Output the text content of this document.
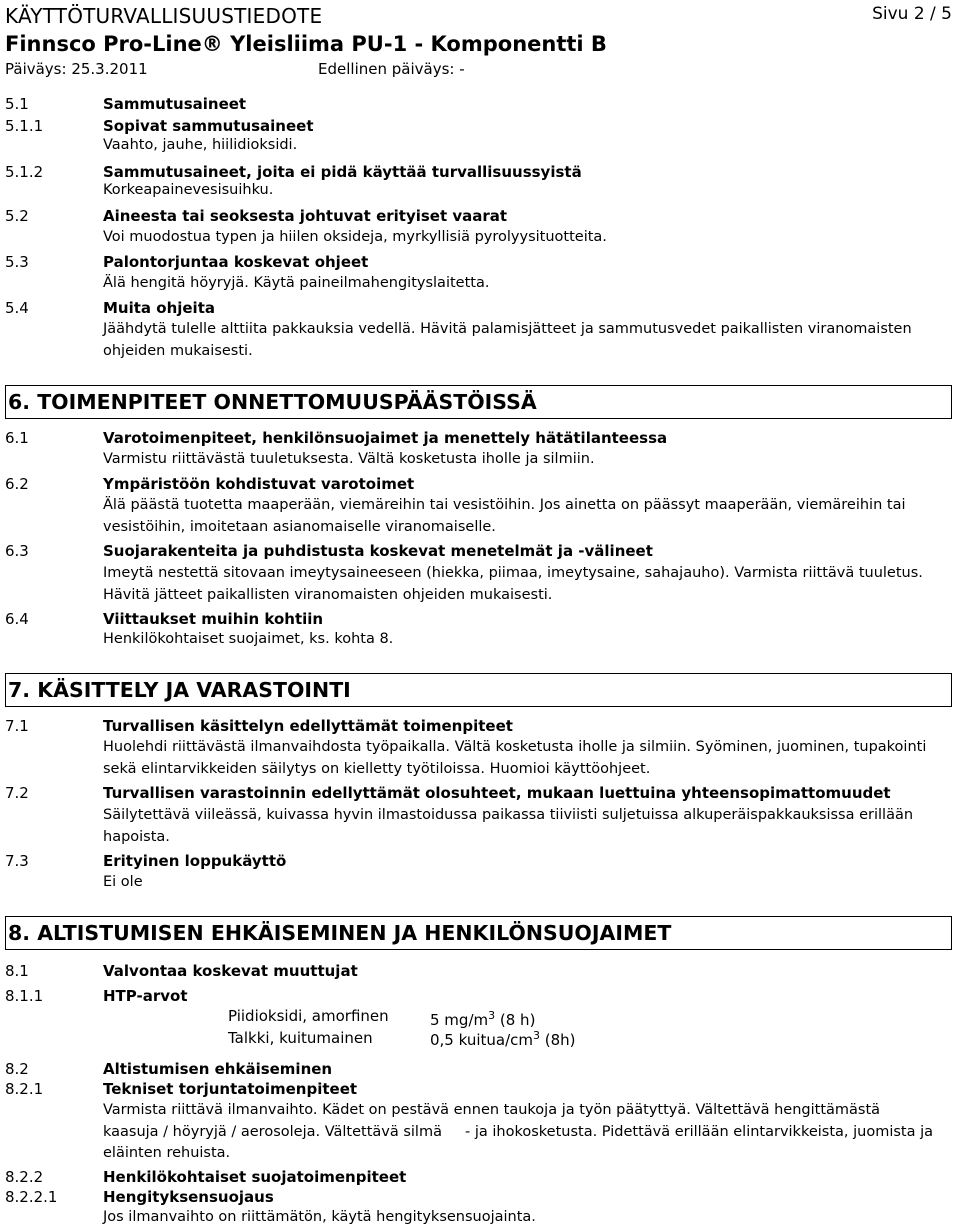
KÄYTTÖTURVALLISUUSTIEDOTE	Sivu 2 / 5
Finnsco Pro-Line® Yleisliima PU-1 - Komponentti B
Päiväys: 25.3.2011	Edellinen päiväys: -
5.1	Sammutusaineet
5.1.1	Sopivat sammutusaineet
Vaahto, jauhe, hiilidioksidi.
5.1.2	Sammutusaineet, joita ei pidä käyttää turvallisuussyistä
Korkeapainevesisuihku.
5.2	Aineesta tai seoksesta johtuvat erityiset vaarat
Voi muodostua typen ja hiilen oksideja, myrkyllisiä pyrolyysituotteita.
5.3	Palontorjuntaa koskevat ohjeet
Älä hengitä höyryjä. Käytä paineilmahengityslaitetta.
5.4	Muita ohjeita
Jäähdytä tulelle alttiita pakkauksia vedellä. Hävitä palamisjätteet ja sammutusvedet paikallisten viranomaisten
ohjeiden mukaisesti.
6. TOIMENPITEET ONNETTOMUUSPÄÄSTÖISSÄ
6.1	Varotoimenpiteet, henkilönsuojaimet ja menettely hätätilanteessa
Varmistu riittävästä tuuletuksesta. Vältä kosketusta iholle ja silmiin.
6.2	Ympäristöön kohdistuvat varotoimet
Älä päästä tuotetta maaperään, viemäreihin tai vesistöihin. Jos ainetta on päässyt maaperään, viemäreihin tai
vesistöihin, imoitetaan asianomaiselle viranomaiselle.
6.3	Suojarakenteita ja puhdistusta koskevat menetelmät ja -välineet
Imeytä nestettä sitovaan imeytysaineeseen (hiekka, piimaa, imeytysaine, sahajauho). Varmista riittävä tuuletus.
Hävitä jätteet paikallisten viranomaisten ohjeiden mukaisesti.
6.4	Viittaukset muihin kohtiin
Henkilökohtaiset suojaimet, ks. kohta 8.
7. KÄSITTELY JA VARASTOINTI
7.1	Turvallisen käsittelyn edellyttämät toimenpiteet
Huolehdi riittävästä ilmanvaihdosta työpaikalla. Vältä kosketusta iholle ja silmiin. Syöminen, juominen, tupakointi
sekä elintarvikkeiden säilytys on kielletty työtiloissa. Huomioi käyttöohjeet.
7.2	Turvallisen varastoinnin edellyttämät olosuhteet, mukaan luettuina yhteensopimattomuudet
Säilytettävä viileässä, kuivassa hyvin ilmastoidussa paikassa tiiviisti suljetuissa alkuperäispakkauksissa erillään
hapoista.
7.3	Erityinen loppukäyttö
Ei ole
8. ALTISTUMISEN EHKÄISEMINEN JA HENKILÖNSUOJAIMET
8.1	Valvontaa koskevat muuttujat
8.1.1	HTP-arvot
Piidioksidi, amorfinen	5 $mg/m^3$ (8 h)
Talkki, kuitumainen	0,5 kuitua/$cm^3$ (8h)
8.2	Altistumisen ehkäiseminen
8.2.1	Tekniset torjuntatoimenpiteet
Varmista riittävä ilmanvaihto. Kädet on pestävä ennen taukoja ja työn päätyttyä. Vältettävä hengittämästä
kaasuja / höyryjä / aerosoleja. Vältettävä silmä     - ja ihokosketusta. Pidettävä erillään elintarvikkeista, juomista ja
eläinten rehuista.
8.2.2	Henkilökohtaiset suojatoimenpiteet
8.2.2.1	Hengityksensuojaus
Jos ilmanvaihto on riittämätön, käytä hengityksensuojainta.
